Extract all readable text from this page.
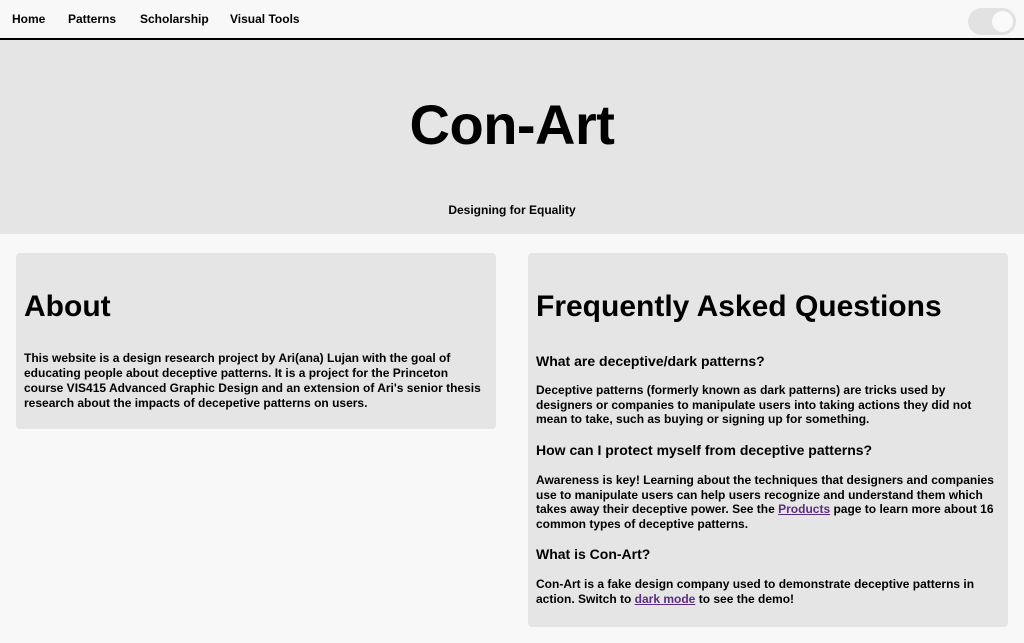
Home Patterns Scholarship Visual Tools
Con-Art

Designing for Equality

About

This website is a design research project by Ari(ana) Lujan with the goal of educating people about deceptive patterns. It is a project for the Princeton course VIS415 Advanced Graphic Design and an extension of Ari's senior thesis research about the impacts of decepetive patterns on users.

Frequently Asked Questions
What are deceptive/dark patterns?

Deceptive patterns (formerly known as dark patterns) are tricks used by designers or companies to manipulate users into taking actions they did not mean to take, such as buying or signing up for something.

How can I protect myself from deceptive patterns?

Awareness is key! Learning about the techniques that designers and companies use to manipulate users can help users recognize and understand them which takes away their deceptive power. See the Products page to learn more about 16 common types of deceptive patterns.

What is Con-Art?

Con-Art is a fake design company used to demonstrate deceptive patterns in action. Switch to dark mode to see the demo!
